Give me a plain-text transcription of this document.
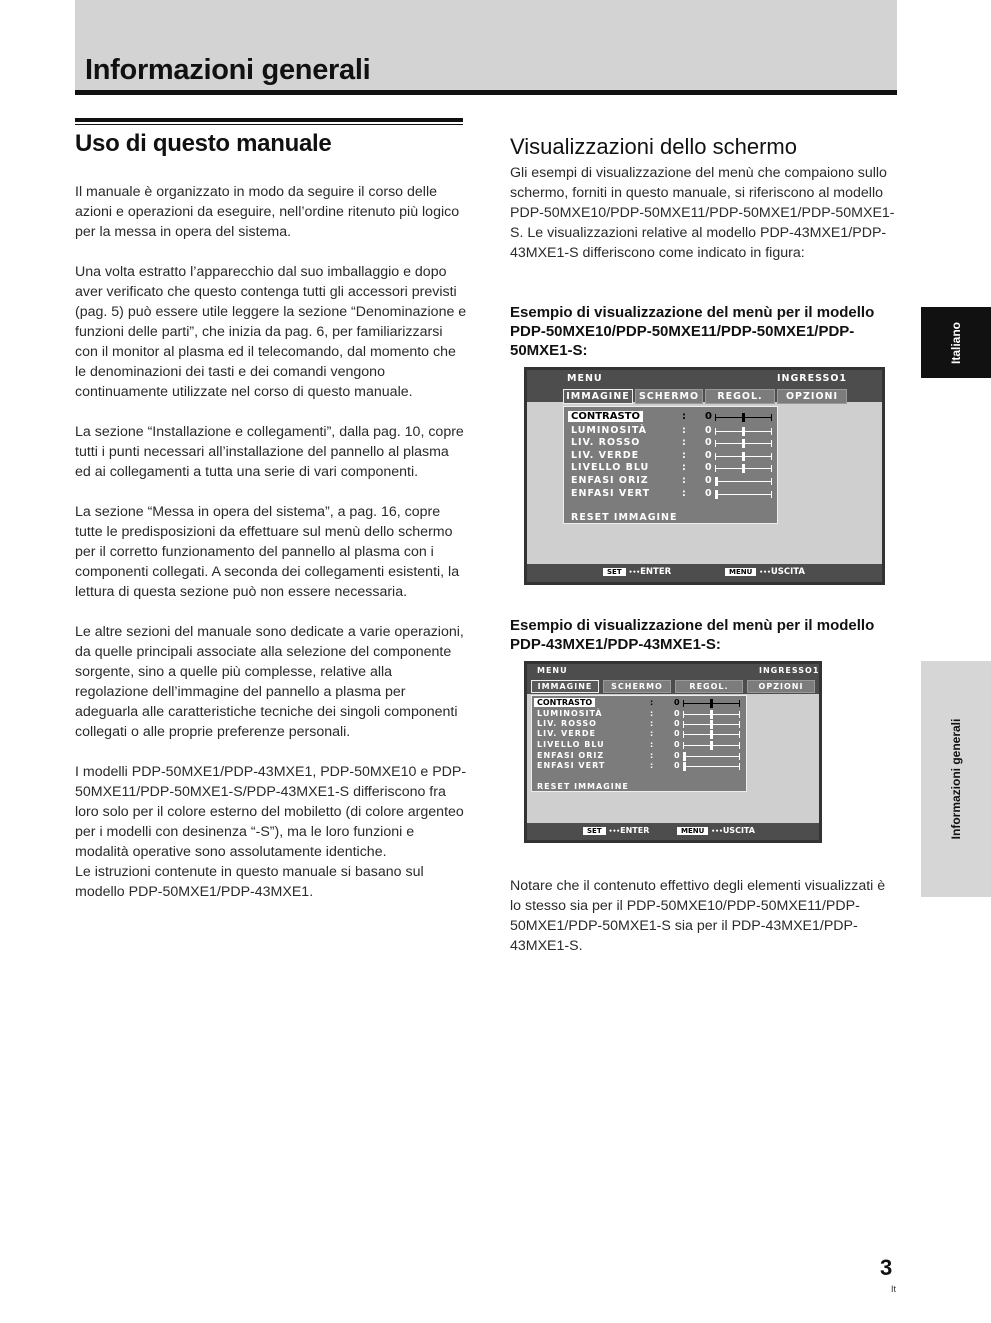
Informazioni generali
Uso di questo manuale

Il manuale è organizzato in modo da seguire il corso delle azioni e operazioni da eseguire, nell’ordine ritenuto più logico per la messa in opera del sistema.

Una volta estratto l’apparecchio dal suo imballaggio e dopo aver verificato che questo contenga tutti gli accessori previsti (pag. 5) può essere utile leggere la sezione “Denominazione e funzioni delle parti”, che inizia da pag. 6, per familiarizzarsi con il monitor al plasma ed il telecomando, dal momento che le denominazioni dei tasti e dei comandi vengono continuamente utilizzate nel corso di questo manuale.

La sezione “Installazione e collegamenti”, dalla pag. 10, copre tutti i punti necessari all’installazione del pannello al plasma ed ai collegamenti a tutta una serie di vari componenti.

La sezione “Messa in opera del sistema”, a pag. 16, copre tutte le predisposizioni da effettuare sul menù dello schermo per il corretto funzionamento del pannello al plasma con i componenti collegati. A seconda dei collegamenti esistenti, la lettura di questa sezione può non essere necessaria.

Le altre sezioni del manuale sono dedicate a varie operazioni, da quelle principali associate alla selezione del componente sorgente, sino a quelle più complesse, relative alla regolazione dell’immagine del pannello a plasma per adeguarla alle caratteristiche tecniche dei singoli componenti collegati o alle proprie preferenze personali.

I modelli PDP-50MXE1/PDP-43MXE1, PDP-50MXE10 e PDP-50MXE11/PDP-50MXE1-S/PDP-43MXE1-S differiscono fra loro solo per il colore esterno del mobiletto (di colore argenteo per i modelli con desinenza “-S”), ma le loro funzioni e modalità operative sono assolutamente identiche.

Le istruzioni contenute in questo manuale si basano sul modello PDP-50MXE1/PDP-43MXE1.

Visualizzazioni dello schermo

Gli esempi di visualizzazione del menù che compaiono sullo schermo, forniti in questo manuale, si riferiscono al modello PDP-50MXE10/PDP-50MXE11/PDP-50MXE1/PDP-50MXE1-S. Le visualizzazioni relative al modello PDP-43MXE1/PDP-43MXE1-S differiscono come indicato in figura:

Esempio di visualizzazione del menù per il modello PDP-50MXE10/PDP-50MXE11/PDP-50MXE1/PDP-50MXE1-S:

MENU	INGRESSO1
IMMAGINE SCHERMO	REGOL.	OPZIONI
CONTRASTO	: 0
LUMINOSITÀ	: 0
LIV. ROSSO	: 0
LIV. VERDE	: 0
LIVELLO BLU	: 0
ENFASI ORIZ	: 0
ENFASI VERT	: 0
RESET IMMAGINE
SET •••ENTER	MENU •••USCITA

Esempio di visualizzazione del menù per il modello PDP-43MXE1/PDP-43MXE1-S:

MENU	INGRESSO1
IMMAGINE	SCHERMO	REGOL.	OPZIONI
CONTRASTO	: 0
LUMINOSITÀ	: 0
LIV. ROSSO	: 0
LIV. VERDE	: 0
LIVELLO BLU	: 0
ENFASI ORIZ	: 0
ENFASI VERT	: 0
RESET IMMAGINE
SET •••ENTER	MENU •••USCITA

Notare che il contenuto effettivo degli elementi visualizzati è lo stesso sia per il PDP-50MXE10/PDP-50MXE11/PDP-50MXE1/PDP-50MXE1-S sia per il PDP-43MXE1/PDP-43MXE1-S.

Italiano
Informazioni generali
3
It
